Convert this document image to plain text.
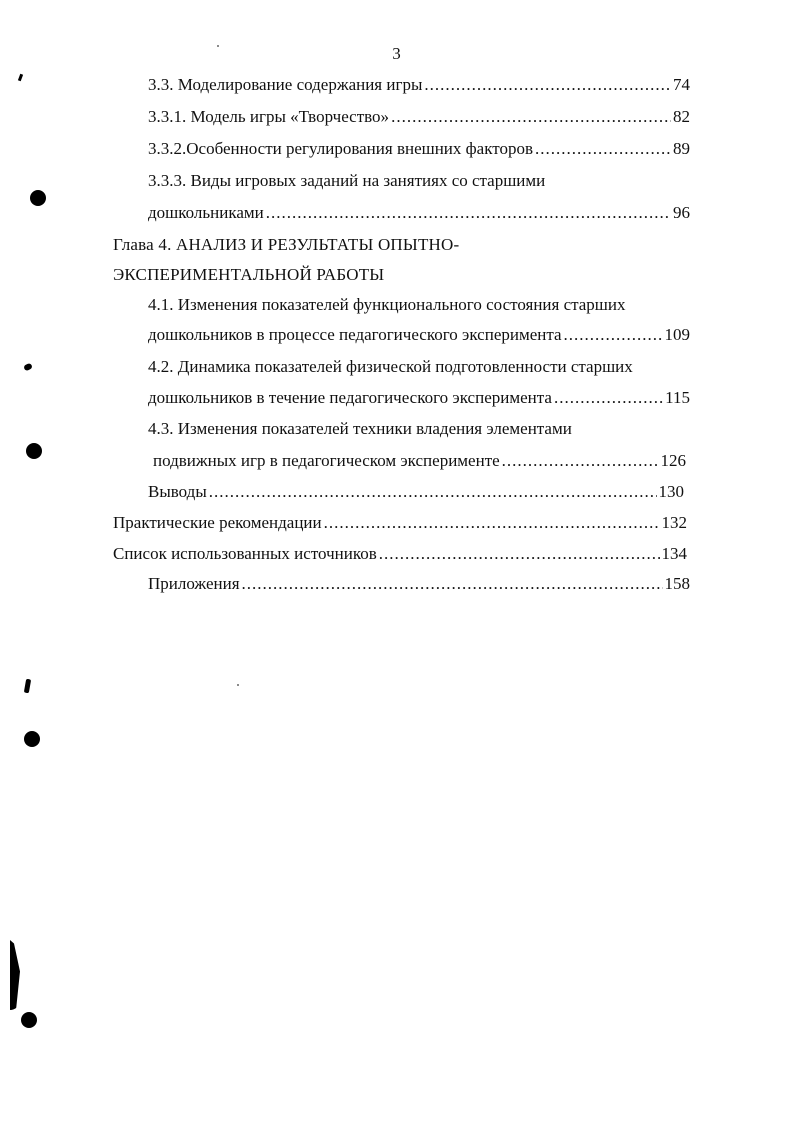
3
3.3. Моделирование содержания игры .....	74
3.3.1. Модель игры «Творчество» .....	82
3.3.2.Особенности регулирования внешних факторов .....	89
3.3.3. Виды игровых заданий на занятиях со старшими
дошкольниками .....	96
Глава 4. АНАЛИЗ И РЕЗУЛЬТАТЫ ОПЫТНО-
ЭКСПЕРИМЕНТАЛЬНОЙ РАБОТЫ
4.1. Изменения показателей функционального состояния старших
дошкольников в процессе педагогического эксперимента .....	109
4.2. Динамика показателей физической подготовленности старших
дошкольников в течение педагогического эксперимента .....	115
4.3. Изменения показателей техники владения элементами
подвижных игр в педагогическом эксперименте .....	126
Выводы .....	130
Практические рекомендации .....	132
Список использованных источников .....	134
Приложения .....	158
